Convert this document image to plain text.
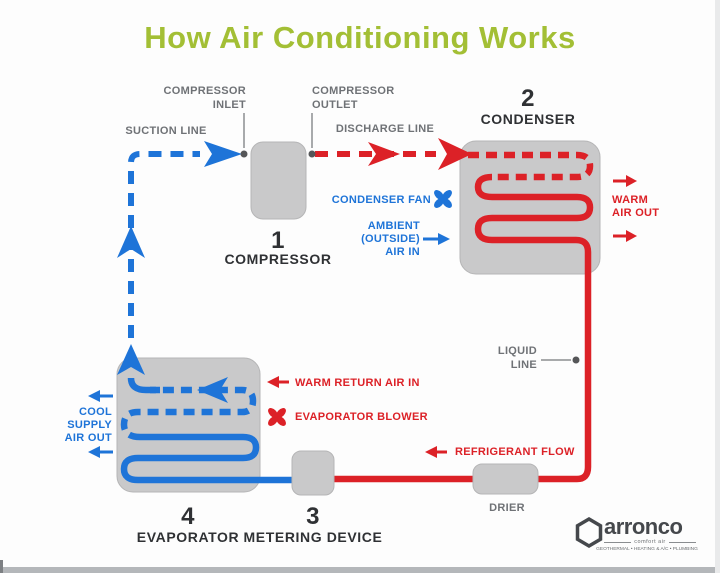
How Air Conditioning Works
SUCTION LINE
COMPRESSOR
INLET
COMPRESSOR
OUTLET
DISCHARGE LINE
LIQUID
LINE
DRIER
1
COMPRESSOR
2
CONDENSER
3
METERING DEVICE
4
EVAPORATOR
CONDENSER FAN
AMBIENT
(OUTSIDE)
AIR IN
COOL SUPPLY
AIR OUT
WARM
AIR OUT
WARM RETURN AIR IN
EVAPORATOR BLOWER
REFRIGERANT FLOW
arronco
comfort air
GEOTHERMAL • HEATING & A/C • PLUMBING
